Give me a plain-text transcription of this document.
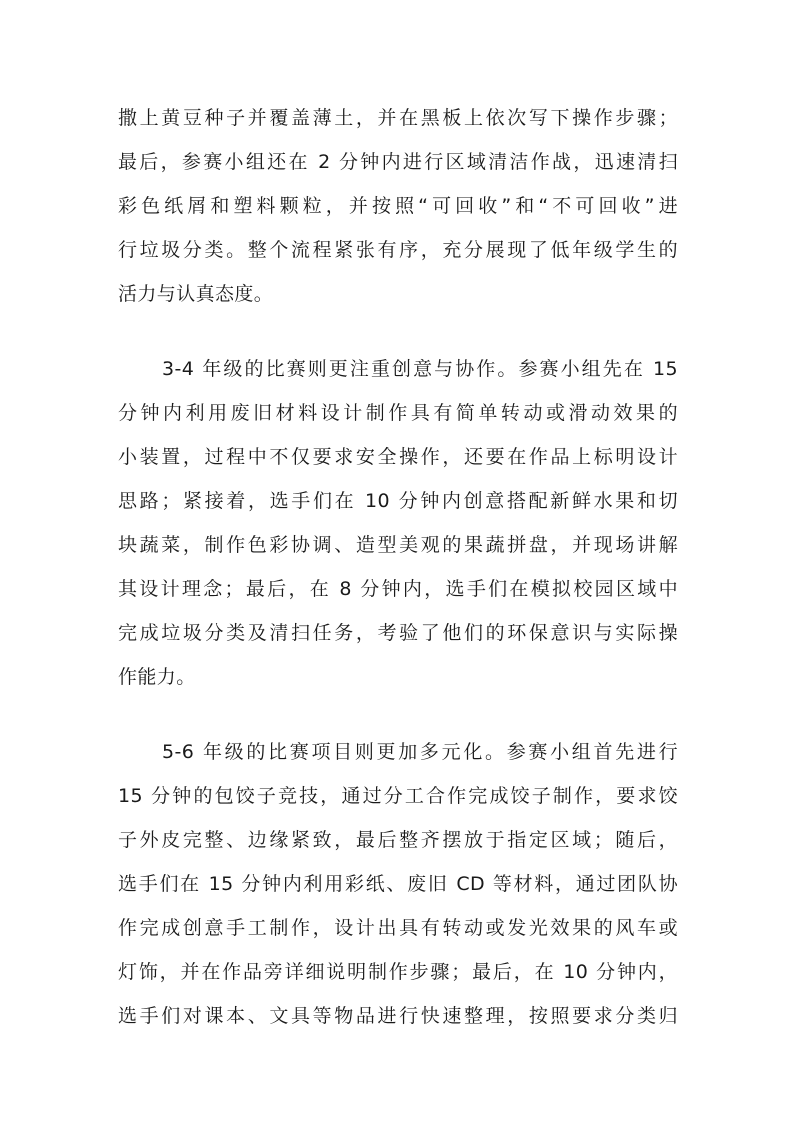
撒上黄豆种子并覆盖薄土，并在黑板上依次写下操作步骤；
最后，参赛小组还在 2 分钟内进行区域清洁作战，迅速清扫
彩色纸屑和塑料颗粒，并按照“可回收”和“不可回收”进
行垃圾分类。整个流程紧张有序，充分展现了低年级学生的
活力与认真态度。
3-4 年级的比赛则更注重创意与协作。参赛小组先在 15
分钟内利用废旧材料设计制作具有简单转动或滑动效果的
小装置，过程中不仅要求安全操作，还要在作品上标明设计
思路；紧接着，选手们在 10 分钟内创意搭配新鲜水果和切
块蔬菜，制作色彩协调、造型美观的果蔬拼盘，并现场讲解
其设计理念；最后，在 8 分钟内，选手们在模拟校园区域中
完成垃圾分类及清扫任务，考验了他们的环保意识与实际操
作能力。
5-6 年级的比赛项目则更加多元化。参赛小组首先进行
15 分钟的包饺子竞技，通过分工合作完成饺子制作，要求饺
子外皮完整、边缘紧致，最后整齐摆放于指定区域；随后，
选手们在 15 分钟内利用彩纸、废旧 CD 等材料，通过团队协
作完成创意手工制作，设计出具有转动或发光效果的风车或
灯饰，并在作品旁详细说明制作步骤；最后，在 10 分钟内，
选手们对课本、文具等物品进行快速整理，按照要求分类归
